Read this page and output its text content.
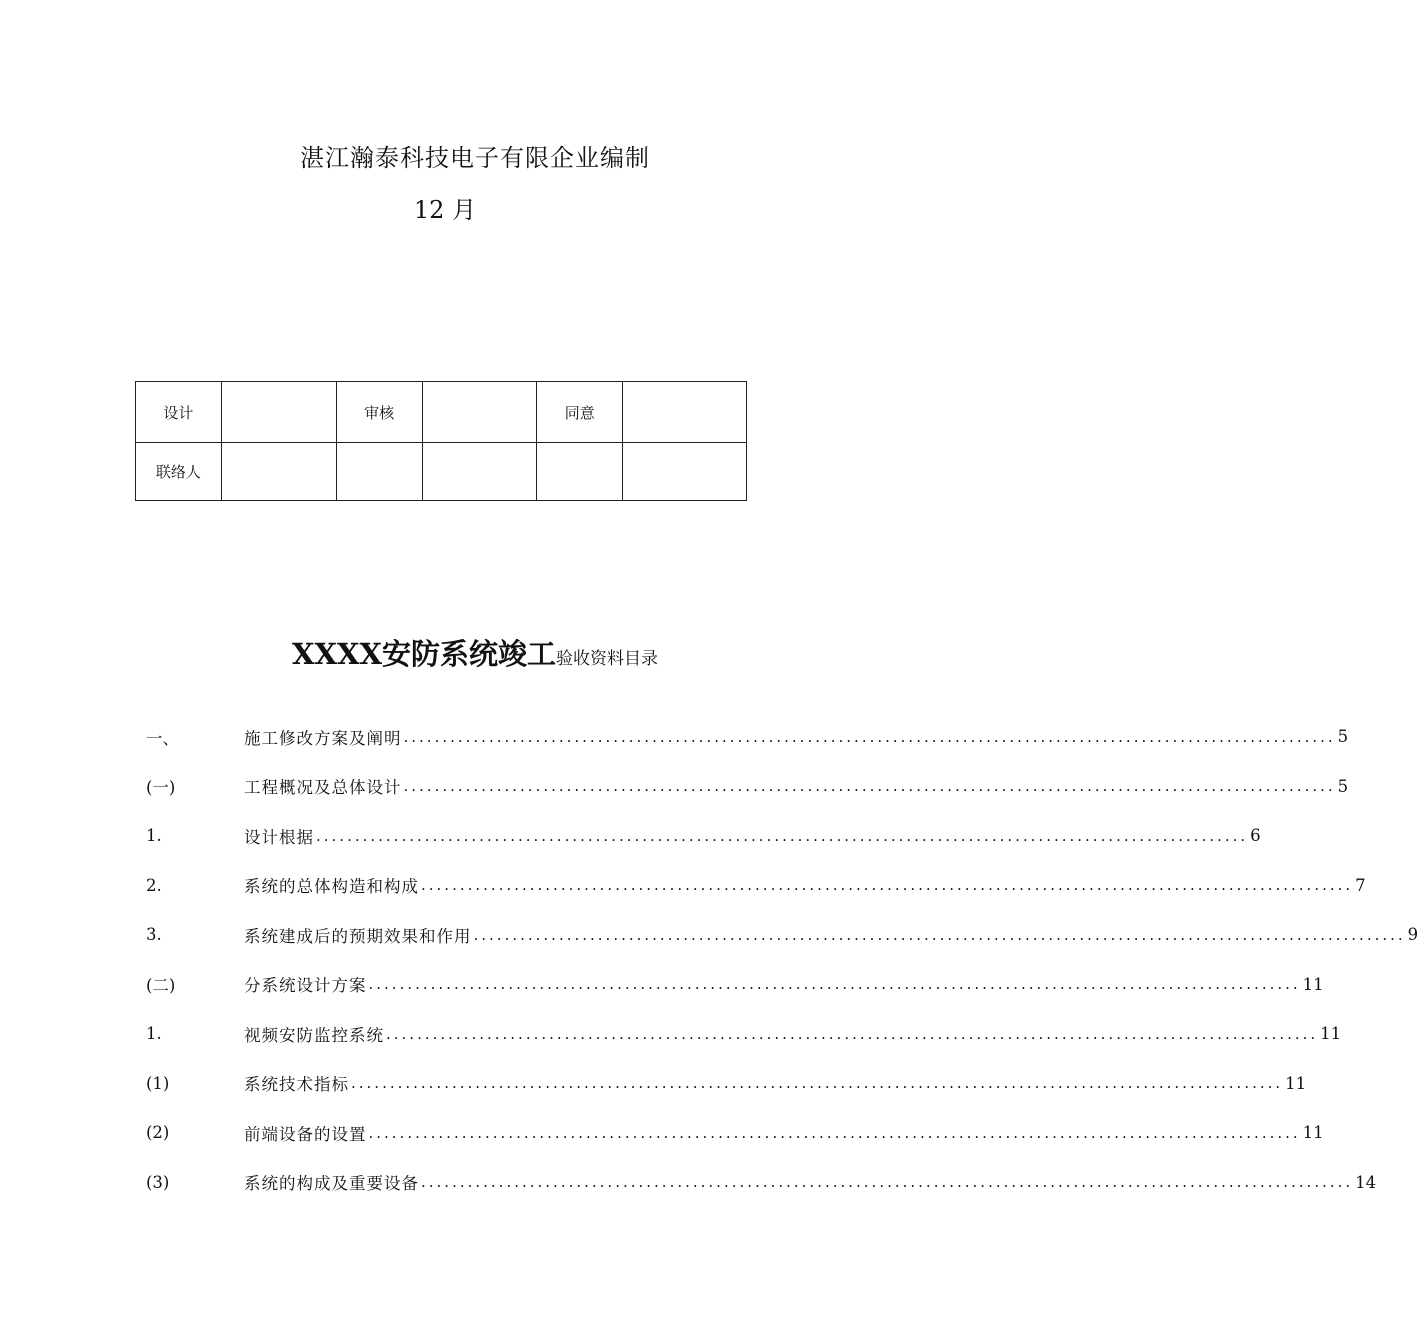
湛江瀚泰科技电子有限企业编制
12 月
设计		审核		同意	
联络人					
XXXX安防系统竣工验收资料目录
一、	施工修改方案及阐明 ........................................................................................................................ 5
(一)	工程概况及总体设计 ........................................................................................................................ 5
1.	设计根据 ........................................................................................................................ 6
2.	系统的总体构造和构成 ........................................................................................................................ 7
3.	系统建成后的预期效果和作用 ........................................................................................................................ 9
(二)	分系统设计方案 ........................................................................................................................ 11
1.	视频安防监控系统 ........................................................................................................................ 11
(1)	系统技术指标 ........................................................................................................................ 11
(2)	前端设备的设置 ........................................................................................................................ 11
(3)	系统的构成及重要设备 ........................................................................................................................ 14
